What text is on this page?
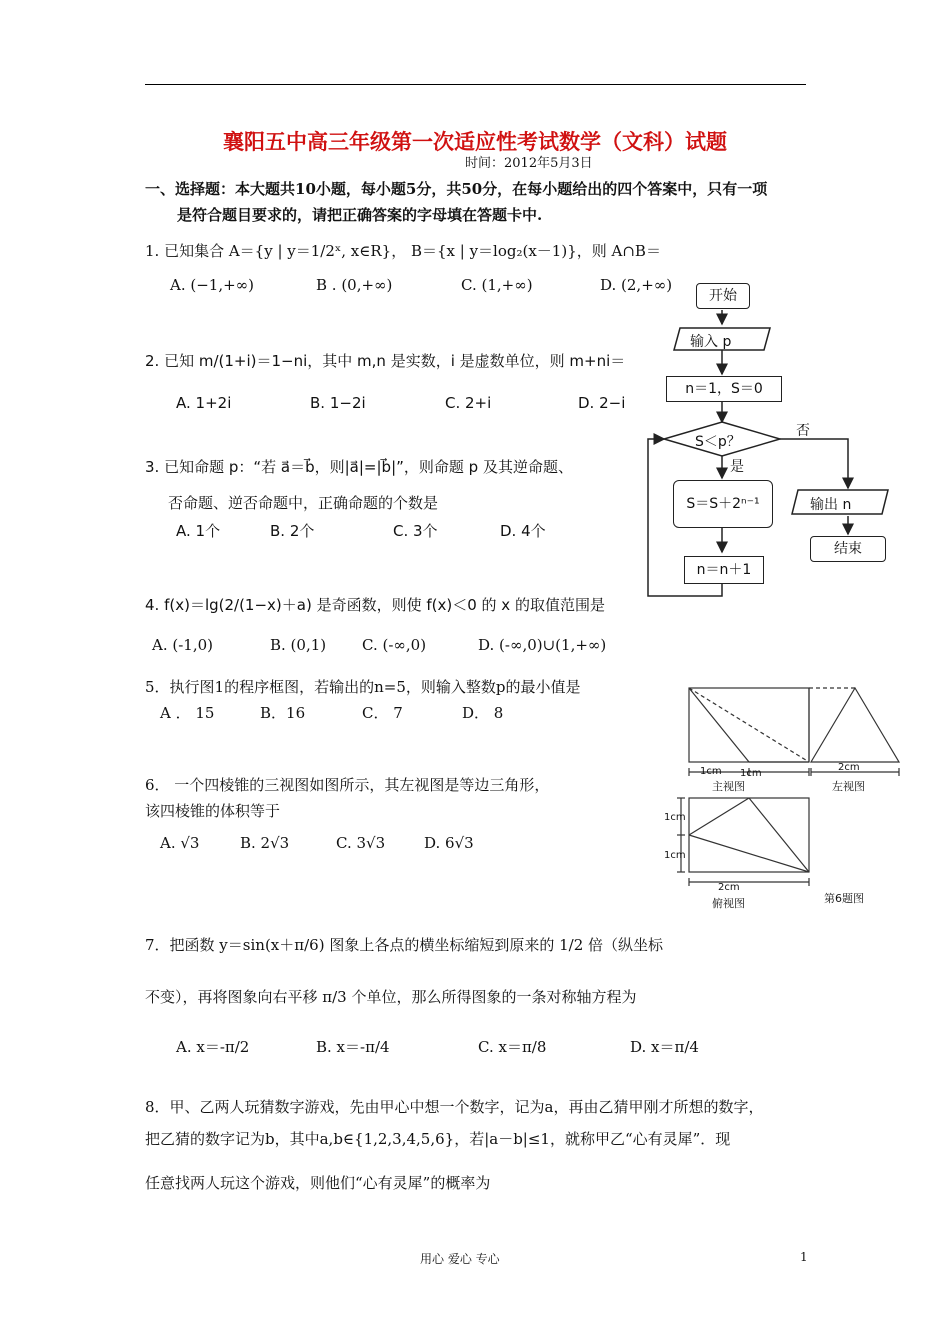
襄阳五中高三年级第一次适应性考试数学（文科）试题
时间：2012年5月3日
一、选择题：本大题共10小题，每小题5分，共50分，在每小题给出的四个答案中，只有一项
是符合题目要求的，请把正确答案的字母填在答题卡中.
1. 已知集合 A＝{y | y＝1/2ˣ, x∈R}， B＝{x | y＝log₂(x－1)}，则 A∩B＝
A. (−1,+∞)	B . (0,+∞)	C. (1,+∞)	D. (2,+∞)
2. 已知 m/(1+i)＝1−ni，其中 m,n 是实数，i 是虚数单位，则 m+ni＝
A. 1+2i	B. 1−2i	C. 2+i	D. 2−i
3. 已知命题 p：“若 a⃗＝b⃗，则|a⃗|=|b⃗|”，则命题 p 及其逆命题、
否命题、逆否命题中，正确命题的个数是
A. 1个	B. 2个	C. 3个	D. 4个
4. f(x)＝lg(2/(1−x)＋a) 是奇函数，则使 f(x)＜0 的 x 的取值范围是
A. (-1,0)	B. (0,1) C. (-∞,0)	D. (-∞,0)∪(1,+∞)
5．执行图1的程序框图，若输出的n=5，则输入整数p的最小值是
A ． 15	B．16	C． 7	D． 8
6． 一个四棱锥的三视图如图所示，其左视图是等边三角形，
该四棱锥的体积等于
A. √3	B. 2√3	C. 3√3	D. 6√3
7．把函数 y＝sin(x＋π/6) 图象上各点的横坐标缩短到原来的 1/2 倍（纵坐标
不变），再将图象向右平移 π/3 个单位，那么所得图象的一条对称轴方程为
A. x＝-π/2	B. x＝-π/4	C. x＝π/8	D. x＝π/4
8．甲、乙两人玩猜数字游戏，先由甲心中想一个数字，记为a，再由乙猜甲刚才所想的数字，
把乙猜的数字记为b，其中a,b∈{1,2,3,4,5,6}，若|a－b|≤1，就称甲乙“心有灵犀”．现
任意找两人玩这个游戏，则他们“心有灵犀”的概率为
开始
输入 p
n＝1，S＝0
S＜p？
是
否
S＝S＋2ⁿ⁻¹
n＝n＋1
输出 n
结束
1cm 1cm
主视图
2cm
左视图
1cm
1cm
2cm
俯视图	第6题图
用心 爱心 专心	1
